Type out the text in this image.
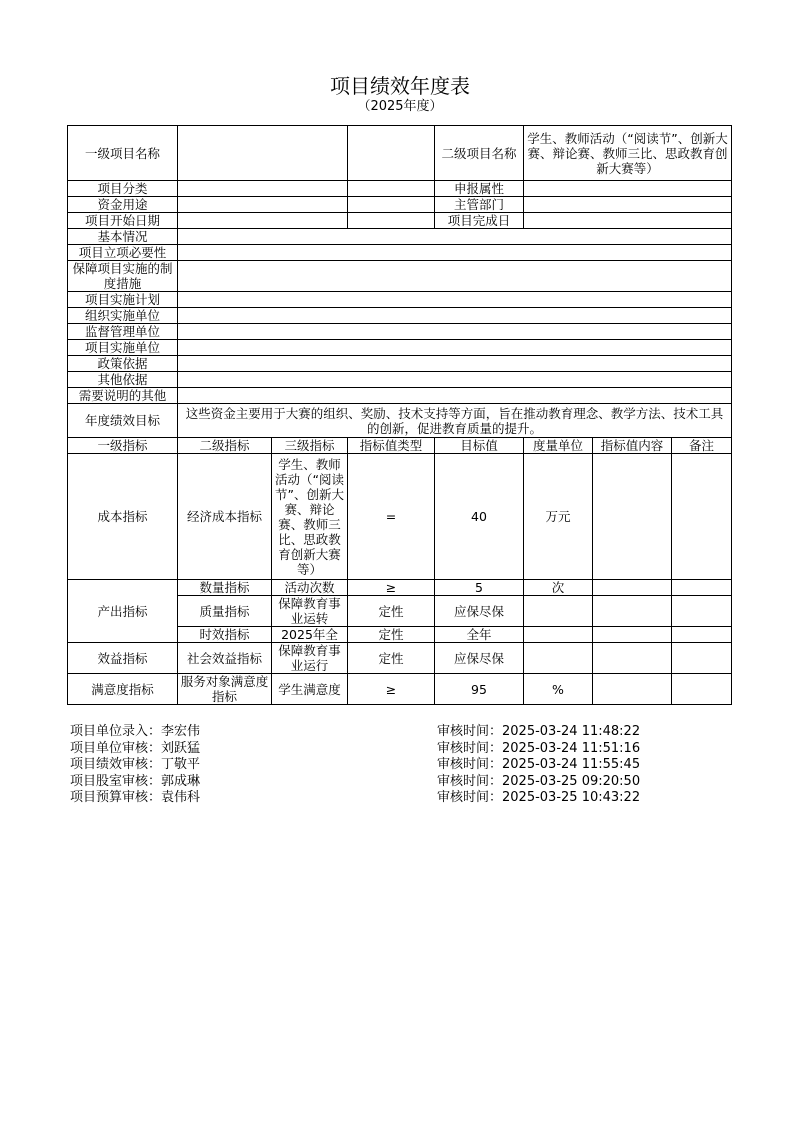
项目绩效年度表
（2025年度）
一级项目名称				二级项目名称	学生、教师活动（“阅读节”、创新大赛、辩论赛、教师三比、思政教育创新大赛等）		
项目分类				申报属性			
资金用途				主管部门			
项目开始日期				项目完成日			
基本情况							
项目立项必要性							
保障项目实施的制度措施							
项目实施计划							
组织实施单位							
监督管理单位							
项目实施单位							
政策依据							
其他依据							
需要说明的其他							
年度绩效目标	这些资金主要用于大赛的组织、奖励、技术支持等方面，旨在推动教育理念、教学方法、技术工具的创新，促进教育质量的提升。						
一级指标	二级指标	三级指标	指标值类型	目标值	度量单位	指标值内容	备注
成本指标	经济成本指标	学生、教师活动（“阅读节”、创新大赛、辩论赛、教师三比、思政教育创新大赛等）	=	40	万元		
产出指标	数量指标	活动次数	≥	5	次		
	质量指标	保障教育事业运转	定性	应保尽保			
	时效指标	2025年全	定性	全年			
效益指标	社会效益指标	保障教育事业运行	定性	应保尽保			
满意度指标	服务对象满意度指标	学生满意度	≥	95	%		
项目单位录入：李宏伟	审核时间：2025-03-24 11:48:22
项目单位审核：刘跃猛	审核时间：2025-03-24 11:51:16
项目绩效审核：丁敬平	审核时间：2025-03-24 11:55:45
项目股室审核：郭成琳	审核时间：2025-03-25 09:20:50
项目预算审核：袁伟科	审核时间：2025-03-25 10:43:22
